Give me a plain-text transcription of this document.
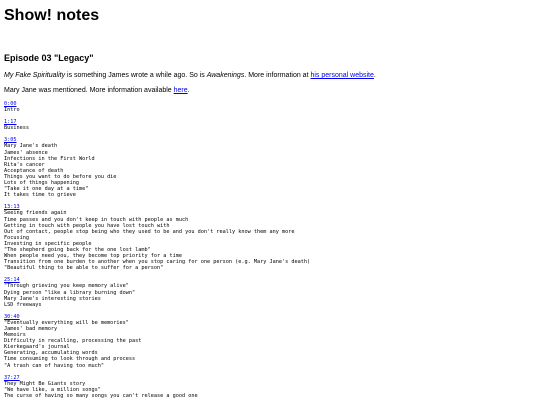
Show! notes
Episode 03 "Legacy"

My Fake Spirituality is something James wrote a while ago. So is Awakenings. More information at his personal website.

Mary Jane was mentioned. More information available here.

0:00
Intro
1:17
Business
3:05
Mary Jane's death
James' absence
Infections in the First World
Rita's cancer
Acceptance of death
Things you want to do before you die
Lots of things happening
"Take it one day at a time"
It takes time to grieve
13:13
Seeing friends again
Time passes and you don't keep in touch with people as much
Getting in touch with people you have lost touch with
Out of contact, people stop being who they used to be and you don't really know them any more
Focusing
Investing in specific people
"The shepherd going back for the one lost lamb"
When people need you, they become top priority for a time
Transition from one burden to another when you stop caring for one person (e.g. Mary Jane's death)
"Beautiful thing to be able to suffer for a person"
25:14
"Through grieving you keep memory alive"
Dying person "like a library burning down"
Mary Jane's interesting stories
LSD freeways
30:40
"Eventually everything will be memories"
James' bad memory
Memoirs
Difficulty in recalling, processing the past
Kierkegaard's journal
Generating, accumulating words
Time consuming to look through and process
"A trash can of having too much"
37:27
They Might Be Giants story
"We have like, a million songs"
The curse of having so many songs you can't release a good one
